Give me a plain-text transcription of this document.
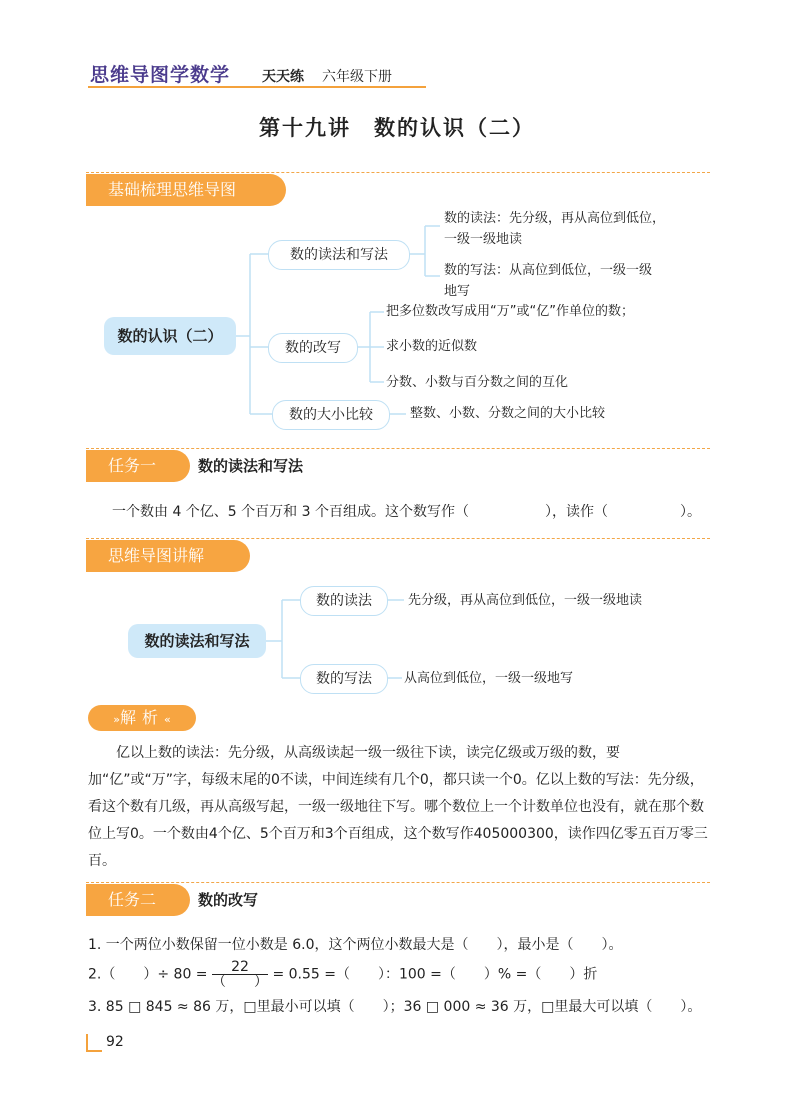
思维导图学数学 天天练 六年级下册
第十九讲　数的认识（二）
基础梳理思维导图
数的认识（二）
数的读法和写法
数的读法：先分级，再从高位到低位，
一级一级地读
数的写法：从高位到低位，一级一级
地写
数的改写
把多位数改写成用“万”或“亿”作单位的数；
求小数的近似数
分数、小数与百分数之间的互化
数的大小比较	整数、小数、分数之间的大小比较
任务一	数的读法和写法
一个数由 4 个亿、5 个百万和 3 个百组成。这个数写作（	），读作（	）。
思维导图讲解
数的读法和写法
数的读法	先分级，再从高位到低位，一级一级地读
数的写法	从高位到低位，一级一级地写
»解析«
亿以上数的读法：先分级，从高级读起一级一级往下读，读完亿级或万级的数，要加“亿”或“万”字，每级末尾的0不读，中间连续有几个0，都只读一个0。亿以上数的写法：先分级，看这个数有几级，再从高级写起，一级一级地往下写。哪个数位上一个计数单位也没有，就在那个数位上写0。一个数由4个亿、5个百万和3个百组成，这个数写作405000300，读作四亿零五百万零三百。
任务二	数的改写
1. 一个两位小数保留一位小数是 6.0，这个两位小数最大是（　　），最小是（　　）。
2.（　　）÷ $80 = \frac{22}{( )} = 0.55$ =（　　）：100 =（　　）% =（　　）折
3. 85 □ 845 ≈ 86 万，□里最小可以填（　　）；36 □ 000 ≈ 36 万，□里最大可以填（　　）。
92
